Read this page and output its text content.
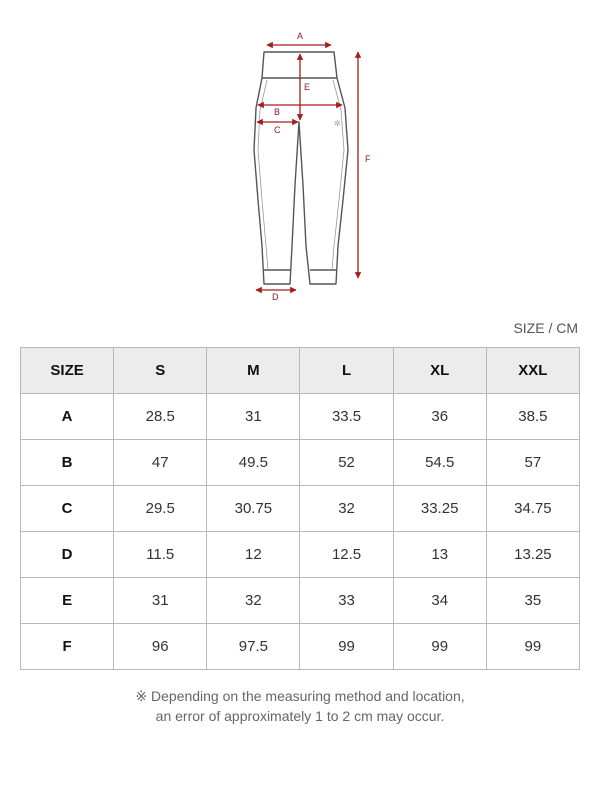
✲
A
E
B
C
F
D
SIZE / CM
SIZE	S	M	L	XL	XXL
A	28.5	31	33.5	36	38.5
B	47	49.5	52	54.5	57
C	29.5	30.75	32	33.25	34.75
D	11.5	12	12.5	13	13.25
E	31	32	33	34	35
F	96	97.5	99	99	99
※ Depending on the measuring method and location,
an error of approximately 1 to 2 cm may occur.
